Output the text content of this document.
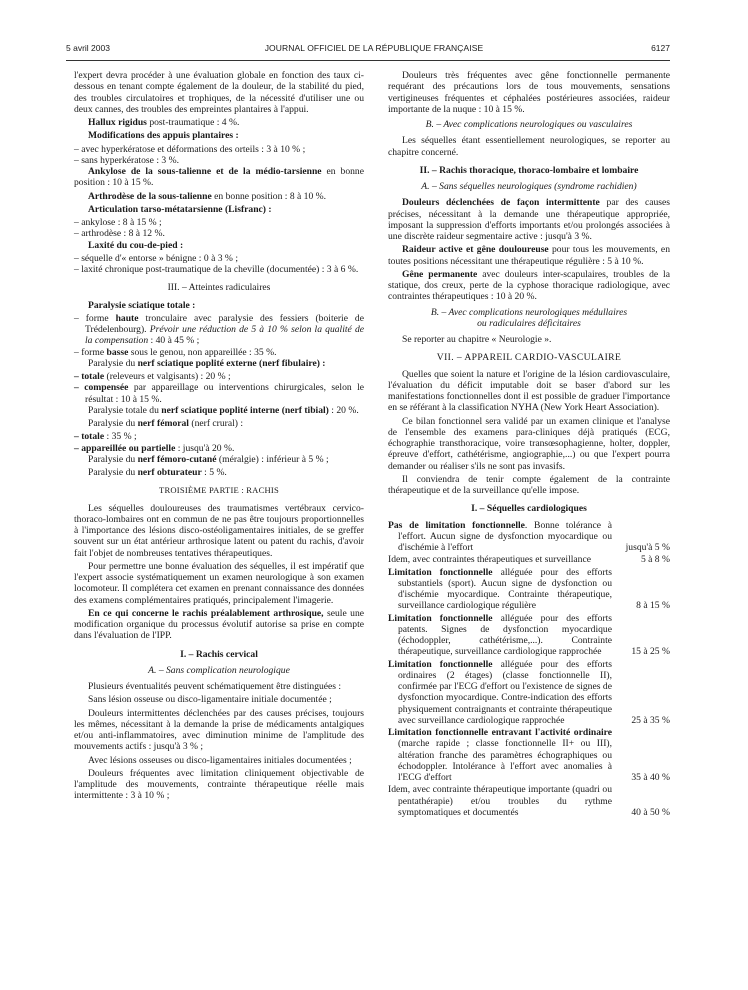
5 avril 2003	JOURNAL OFFICIEL DE LA RÉPUBLIQUE FRANÇAISE	6127

l'expert devra procéder à une évaluation globale en fonction des taux ci-dessous en tenant compte également de la douleur, de la stabilité du pied, des troubles circulatoires et trophiques, de la nécessité d'utiliser une ou deux cannes, des troubles des empreintes plantaires à l'appui.

Hallux rigidus post-traumatique : 4 %.

Modifications des appuis plantaires :

– avec hyperkératose et déformations des orteils : 3 à 10 % ;

– sans hyperkératose : 3 %.

Ankylose de la sous-talienne et de la médio-tarsienne en bonne position : 10 à 15 %.

Arthrodèse de la sous-talienne en bonne position : 8 à 10 %.

Articulation tarso-métatarsienne (Lisfranc) :

– ankylose : 8 à 15 % ;

– arthrodèse : 8 à 12 %.

Laxité du cou-de-pied :

– séquelle d'« entorse » bénigne : 0 à 3 % ;

– laxité chronique post-traumatique de la cheville (documentée) : 3 à 6 %.

III. – Atteintes radiculaires

Paralysie sciatique totale :

– forme haute tronculaire avec paralysie des fessiers (boiterie de Trédelenbourg). Prévoir une réduction de 5 à 10 % selon la qualité de la compensation : 40 à 45 % ;

– forme basse sous le genou, non appareillée : 35 %.

Paralysie du nerf sciatique poplité externe (nerf fibulaire) :

– totale (releveurs et valgisants) : 20 % ;

– compensée par appareillage ou interventions chirurgicales, selon le résultat : 10 à 15 %.

Paralysie totale du nerf sciatique poplité interne (nerf tibial) : 20 %.

Paralysie du nerf fémoral (nerf crural) :

– totale : 35 % ;

– appareillée ou partielle : jusqu'à 20 %.

Paralysie du nerf fémoro-cutané (méralgie) : inférieur à 5 % ;

Paralysie du nerf obturateur : 5 %.

TROISIÈME PARTIE : RACHIS

Les séquelles douloureuses des traumatismes vertébraux cervico-thoraco-lombaires ont en commun de ne pas être toujours proportionnelles à l'importance des lésions disco-ostéoligamentaires initiales, de se greffer souvent sur un état antérieur arthrosique latent ou patent du rachis, d'avoir fait l'objet de nombreuses tentatives thérapeutiques.

Pour permettre une bonne évaluation des séquelles, il est impératif que l'expert associe systématiquement un examen neurologique à son examen locomoteur. Il complétera cet examen en prenant connaissance des données des examens complémentaires pratiqués, principalement l'imagerie.

En ce qui concerne le rachis préalablement arthrosique, seule une modification organique du processus évolutif autorise sa prise en compte dans l'évaluation de l'IPP.

I. – Rachis cervical
A. – Sans complication neurologique

Plusieurs éventualités peuvent schématiquement être distinguées :

Sans lésion osseuse ou disco-ligamentaire initiale documentée ;

Douleurs intermittentes déclenchées par des causes précises, toujours les mêmes, nécessitant à la demande la prise de médicaments antalgiques et/ou anti-inflammatoires, avec diminution minime de l'amplitude des mouvements actifs : jusqu'à 3 % ;

Avec lésions osseuses ou disco-ligamentaires initiales documentées ;

Douleurs fréquentes avec limitation cliniquement objectivable de l'amplitude des mouvements, contrainte thérapeutique réelle mais intermittente : 3 à 10 % ;

Douleurs très fréquentes avec gêne fonctionnelle permanente requérant des précautions lors de tous mouvements, sensations vertigineuses fréquentes et céphalées postérieures associées, raideur importante de la nuque : 10 à 15 %.

B. – Avec complications neurologiques ou vasculaires

Les séquelles étant essentiellement neurologiques, se reporter au chapitre concerné.

II. – Rachis thoracique, thoraco-lombaire et lombaire
A. – Sans séquelles neurologiques (syndrome rachidien)

Douleurs déclenchées de façon intermittente par des causes précises, nécessitant à la demande une thérapeutique appropriée, imposant la suppression d'efforts importants et/ou prolongés associées à une discrète raideur segmentaire active : jusqu'à 3 %.

Raideur active et gêne douloureuse pour tous les mouvements, en toutes positions nécessitant une thérapeutique régulière : 5 à 10 %.

Gêne permanente avec douleurs inter-scapulaires, troubles de la statique, dos creux, perte de la cyphose thoracique radiologique, avec contraintes thérapeutiques : 10 à 20 %.

B. – Avec complications neurologiques médullaires
ou radiculaires déficitaires

Se reporter au chapitre « Neurologie ».

VII. – APPAREIL CARDIO-VASCULAIRE

Quelles que soient la nature et l'origine de la lésion cardiovasculaire, l'évaluation du déficit imputable doit se baser d'abord sur les manifestations fonctionnelles dont il est possible de graduer l'importance en se référant à la classification NYHA (New York Heart Association).

Ce bilan fonctionnel sera validé par un examen clinique et l'analyse de l'ensemble des examens para-cliniques déjà pratiqués (ECG, échographie transthoracique, voire transœsophagienne, holter, doppler, épreuve d'effort, cathétérisme, angiographie,...) ou que l'expert pourra demander ou réaliser s'ils ne sont pas invasifs.

Il conviendra de tenir compte également de la contrainte thérapeutique et de la surveillance qu'elle impose.

I. – Séquelles cardiologiques
Pas de limitation fonctionnelle. Bonne tolérance à l'effort. Aucun signe de dysfonction myocardique ou d'ischémie à l'effort	jusqu'à 5 %
Idem, avec contraintes thérapeutiques et surveillance	5 à 8 %
Limitation fonctionnelle alléguée pour des efforts substantiels (sport). Aucun signe de dysfonction ou d'ischémie myocardique. Contrainte thérapeutique, surveillance cardiologique régulière	8 à 15 %
Limitation fonctionnelle alléguée pour des efforts patents. Signes de dysfonction myocardique (échodoppler, cathétérisme,...). Contrainte thérapeutique, surveillance cardiologique rapprochée	15 à 25 %
Limitation fonctionnelle alléguée pour des efforts ordinaires (2 étages) (classe fonctionnelle II), confirmée par l'ECG d'effort ou l'existence de signes de dysfonction myocardique. Contre-indication des efforts physiquement contraignants et contrainte thérapeutique avec surveillance cardiologique rapprochée	25 à 35 %
Limitation fonctionnelle entravant l'activité ordinaire (marche rapide ; classe fonctionnelle II+ ou III), altération franche des paramètres échographiques ou échodoppler. Intolérance à l'effort avec anomalies à l'ECG d'effort	35 à 40 %
Idem, avec contrainte thérapeutique importante (quadri ou pentathérapie) et/ou troubles du rythme symptomatiques et documentés	40 à 50 %
